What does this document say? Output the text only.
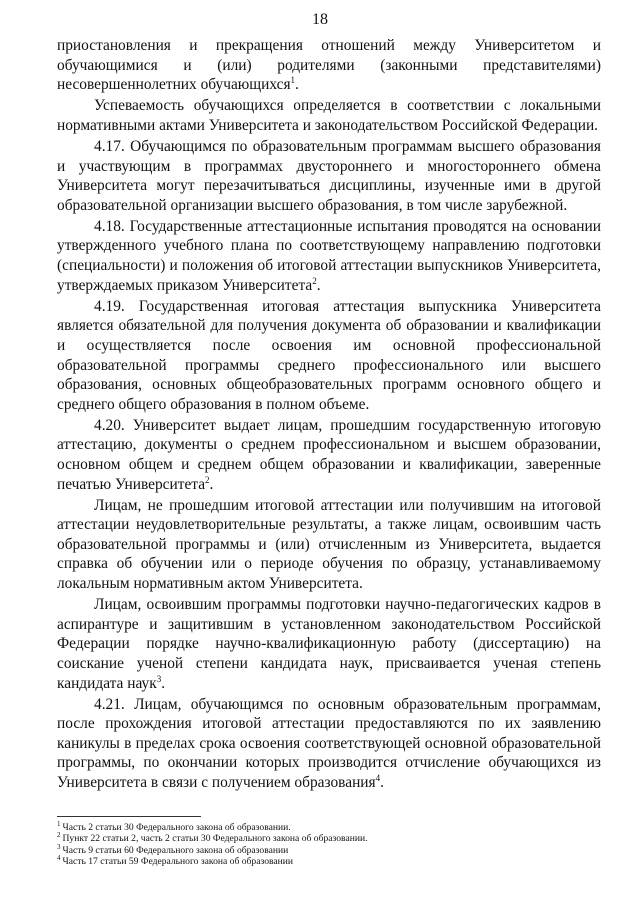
18

приостановления и прекращения отношений между Университетом и обучающимися и (или) родителями (законными представителями) несовершеннолетних обучающихся$^1$.

Успеваемость обучающихся определяется в соответствии с локальными нормативными актами Университета и законодательством Российской Федерации.

4.17. Обучающимся по образовательным программам высшего образования и участвующим в программах двустороннего и многостороннего обмена Университета могут перезачитываться дисциплины, изученные ими в другой образовательной организации высшего образования, в том числе зарубежной.

4.18. Государственные аттестационные испытания проводятся на основании утвержденного учебного плана по соответствующему направлению подготовки (специальности) и положения об итоговой аттестации выпускников Университета, утверждаемых приказом Университета$^2$.

4.19. Государственная итоговая аттестация выпускника Университета является обязательной для получения документа об образовании и квалификации и осуществляется после освоения им основной профессиональной образовательной программы среднего профессионального или высшего образования, основных общеобразовательных программ основного общего и среднего общего образования в полном объеме.

4.20. Университет выдает лицам, прошедшим государственную итоговую аттестацию, документы о среднем профессиональном и высшем образовании, основном общем и среднем общем образовании и квалификации, заверенные печатью Университета$^2$.

Лицам, не прошедшим итоговой аттестации или получившим на итоговой аттестации неудовлетворительные результаты, а также лицам, освоившим часть образовательной программы и (или) отчисленным из Университета, выдается справка об обучении или о периоде обучения по образцу, устанавливаемому локальным нормативным актом Университета.

Лицам, освоившим программы подготовки научно-педагогических кадров в аспирантуре и защитившим в установленном законодательством Российской Федерации порядке научно-квалификационную работу (диссертацию) на соискание ученой степени кандидата наук, присваивается ученая степень кандидата наук$^3$.

4.21. Лицам, обучающимся по основным образовательным программам, после прохождения итоговой аттестации предоставляются по их заявлению каникулы в пределах срока освоения соответствующей основной образовательной программы, по окончании которых производится отчисление обучающихся из Университета в связи с получением образования$^4$.

$^1$ Часть 2 статьи 30 Федерального закона об образовании.
$^2$ Пункт 22 статьи 2, часть 2 статьи 30 Федерального закона об образовании.
$^3$ Часть 9 статьи 60 Федерального закона об образовании
$^4$ Часть 17 статьи 59 Федерального закона об образовании
